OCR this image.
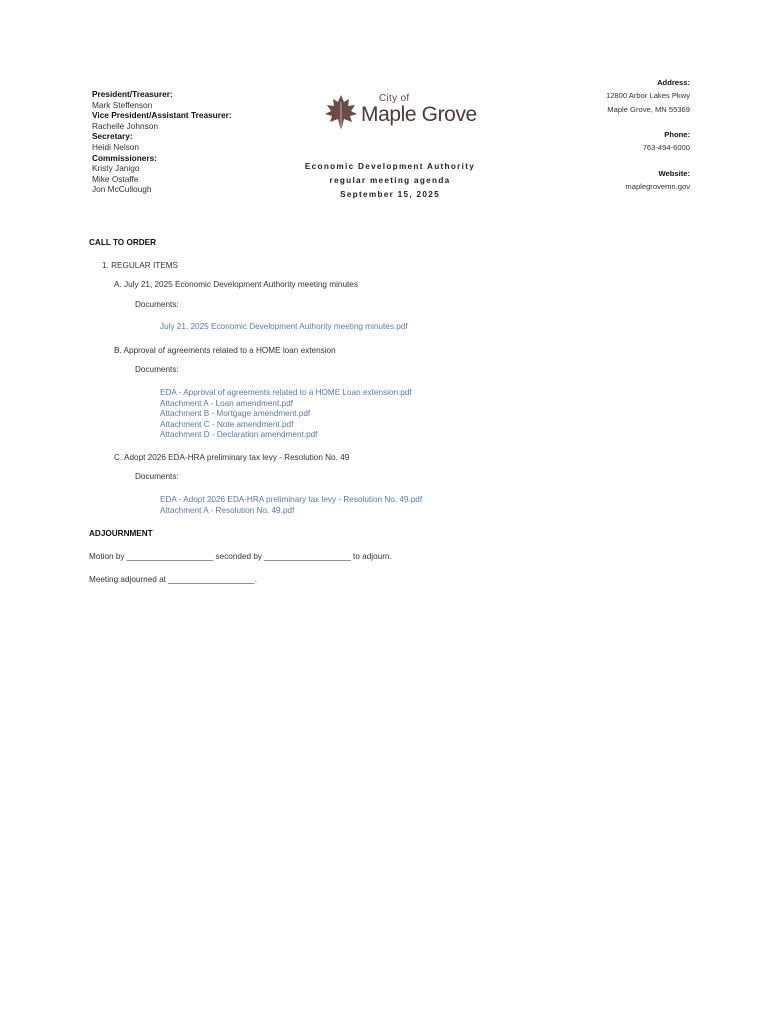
President/Treasurer:
Mark Steffenson
Vice President/Assistant Treasurer:
Rachelle Johnson
Secretary:
Heidi Nelson
Commissioners:
Kristy Janigo
Mike Ostaffe
Jon McCullough
City of
Maple Grove
Economic Development Authority
regular meeting agenda
September 15, 2025
Address:
12800 Arbor Lakes Pkwy
Maple Grove, MN 55369
Phone:
763-494-6000
Website:
maplegrovemn.gov
CALL TO ORDER
1. REGULAR ITEMS
A. July 21, 2025 Economic Development Authority meeting minutes
Documents:
July 21, 2025 Economic Development Authority meeting minutes.pdf
B. Approval of agreements related to a HOME loan extension
Documents:
EDA - Approval of agreements related to a HOME Loan extension.pdf
Attachment A - Loan amendment.pdf
Attachment B - Mortgage amendment.pdf
Attachment C - Note amendment.pdf
Attachment D - Declaration amendment.pdf
C. Adopt 2026 EDA-HRA preliminary tax levy - Resolution No. 49
Documents:
EDA - Adopt 2026 EDA-HRA preliminary tax levy - Resolution No. 49.pdf
Attachment A - Resolution No. 49.pdf
ADJOURNMENT
Motion by ___________________ seconded by ___________________ to adjourn.
Meeting adjourned at ___________________.
